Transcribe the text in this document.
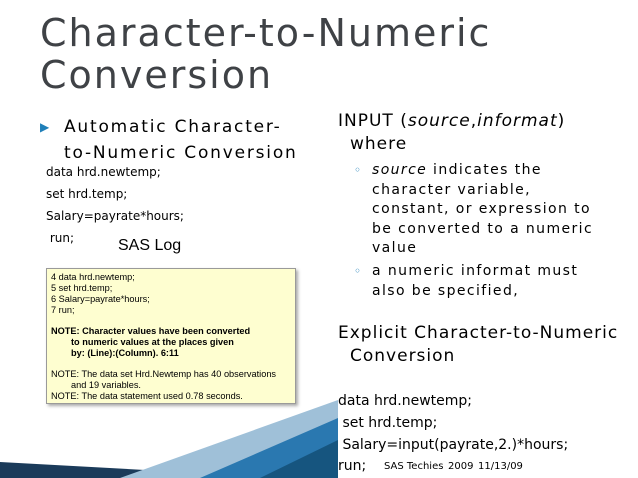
Character-to-Numeric
Conversion
▶ Automatic Character-
to-Numeric Conversion
data hrd.newtemp;
set hrd.temp;
Salary=payrate*hours;
run;	SAS Log
4 data hrd.newtemp;
5 set hrd.temp;
6 Salary=payrate*hours;
7 run;
NOTE: Character values have been converted
to numeric values at the places given
by: (Line):(Column). 6:11
NOTE: The data set Hrd.Newtemp has 40 observations
and 19 variables.
NOTE: The data statement used 0.78 seconds.
INPUT (source,informat)
where
◦ source indicates the
character variable,
constant, or expression to
be converted to a numeric
value
◦ a numeric informat must
also be specified,
Explicit Character-to-Numeric
Conversion
data hrd.newtemp;
set hrd.temp;
Salary=input(payrate,2.)*hours;
run; SAS Techies 2009 11/13/09
